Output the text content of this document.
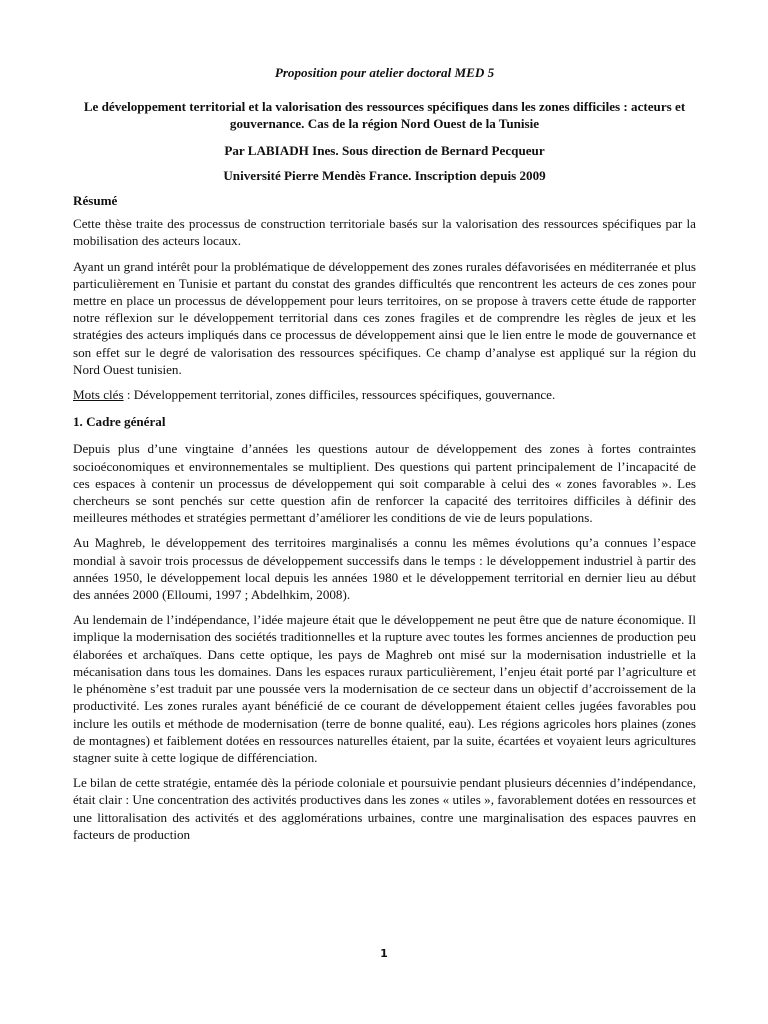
Proposition pour atelier doctoral MED 5
Le développement territorial et la valorisation des ressources spécifiques dans les zones difficiles : acteurs et gouvernance. Cas de la région Nord Ouest de la Tunisie
Par LABIADH Ines. Sous direction de Bernard Pecqueur
Université Pierre Mendès France. Inscription depuis 2009
Résumé

Cette thèse traite des processus de construction territoriale basés sur la valorisation des ressources spécifiques par la mobilisation des acteurs locaux.

Ayant un grand intérêt pour la problématique de développement des zones rurales défavorisées en méditerranée et plus particulièrement en Tunisie et partant du constat des grandes difficultés que rencontrent les acteurs de ces zones pour mettre en place un processus de développement pour leurs territoires, on se propose à travers cette étude de rapporter notre réflexion sur le développement territorial dans ces zones fragiles et de comprendre les règles de jeux et les stratégies des acteurs impliqués dans ce processus de développement ainsi que le lien entre le mode de gouvernance et son effet sur le degré de valorisation des ressources spécifiques. Ce champ d’analyse est appliqué sur la région du Nord Ouest tunisien.

Mots clés : Développement territorial, zones difficiles, ressources spécifiques, gouvernance.

1. Cadre général

Depuis plus d’une vingtaine d’années les questions autour de développement des zones à fortes contraintes socioéconomiques et environnementales se multiplient. Des questions qui partent principalement de l’incapacité de ces espaces à contenir un processus de développement qui soit comparable à celui des « zones favorables ». Les chercheurs se sont penchés sur cette question afin de renforcer la capacité des territoires difficiles à définir des meilleures méthodes et stratégies permettant d’améliorer les conditions de vie de leurs populations.

Au Maghreb, le développement des territoires marginalisés a connu les mêmes évolutions qu’a connues l’espace mondial à savoir trois processus de développement successifs dans le temps : le développement industriel à partir des années 1950, le développement local depuis les années 1980 et le développement territorial en dernier lieu au début des années 2000 (Elloumi, 1997 ; Abdelhkim, 2008).

Au lendemain de l’indépendance, l’idée majeure était que le développement ne peut être que de nature économique. Il implique la modernisation des sociétés traditionnelles et la rupture avec toutes les formes anciennes de production peu élaborées et archaïques. Dans cette optique, les pays de Maghreb ont misé sur la modernisation industrielle et la mécanisation dans tous les domaines. Dans les espaces ruraux particulièrement, l’enjeu était porté par l’agriculture et le phénomène s’est traduit par une poussée vers la modernisation de ce secteur dans un objectif d’accroissement de la productivité. Les zones rurales ayant bénéficié de ce courant de développement étaient celles jugées favorables pou inclure les outils et méthode de modernisation (terre de bonne qualité, eau). Les régions agricoles hors plaines (zones de montagnes) et faiblement dotées en ressources naturelles étaient, par la suite, écartées et voyaient leurs agricultures stagner suite à cette logique de différenciation.

Le bilan de cette stratégie, entamée dès la période coloniale et poursuivie pendant plusieurs décennies d’indépendance, était clair : Une concentration des activités productives dans les zones « utiles », favorablement dotées en ressources et une littoralisation des activités et des agglomérations urbaines, contre une marginalisation des espaces pauvres en facteurs de production

1
